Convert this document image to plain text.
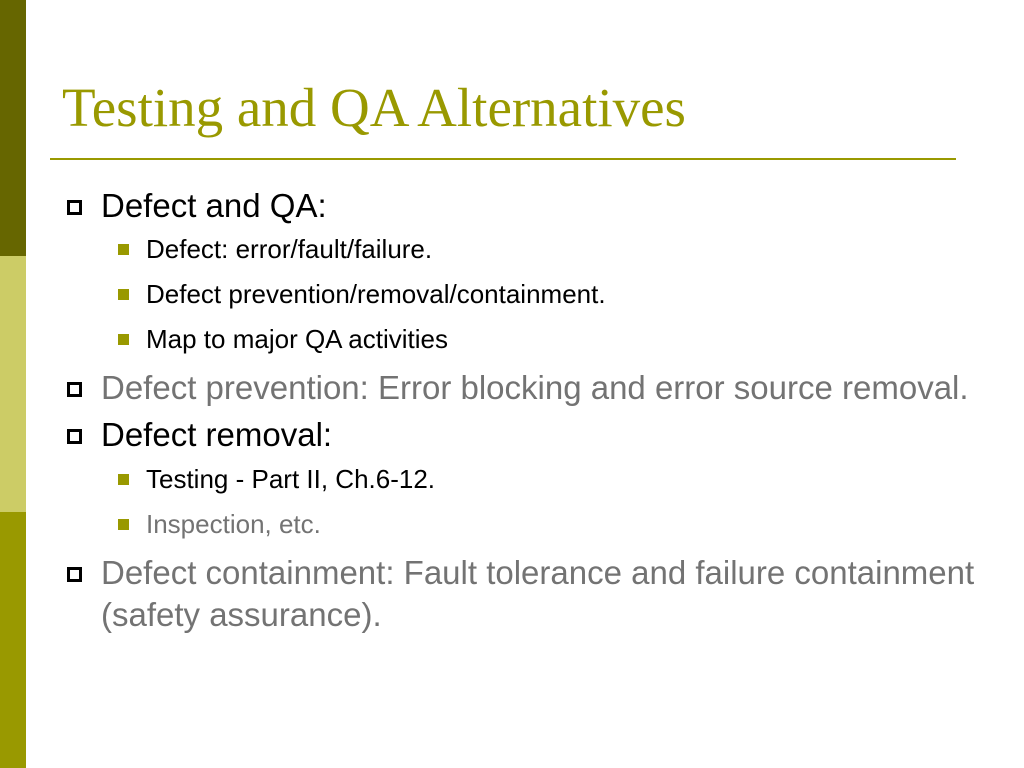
Testing and QA Alternatives
Defect and QA:
Defect: error/fault/failure.
Defect prevention/removal/containment.
Map to major QA activities
Defect prevention: Error blocking and error source removal.
Defect removal:
Testing - Part II, Ch.6-12.
Inspection, etc.
Defect containment: Fault tolerance and failure containment (safety assurance).
